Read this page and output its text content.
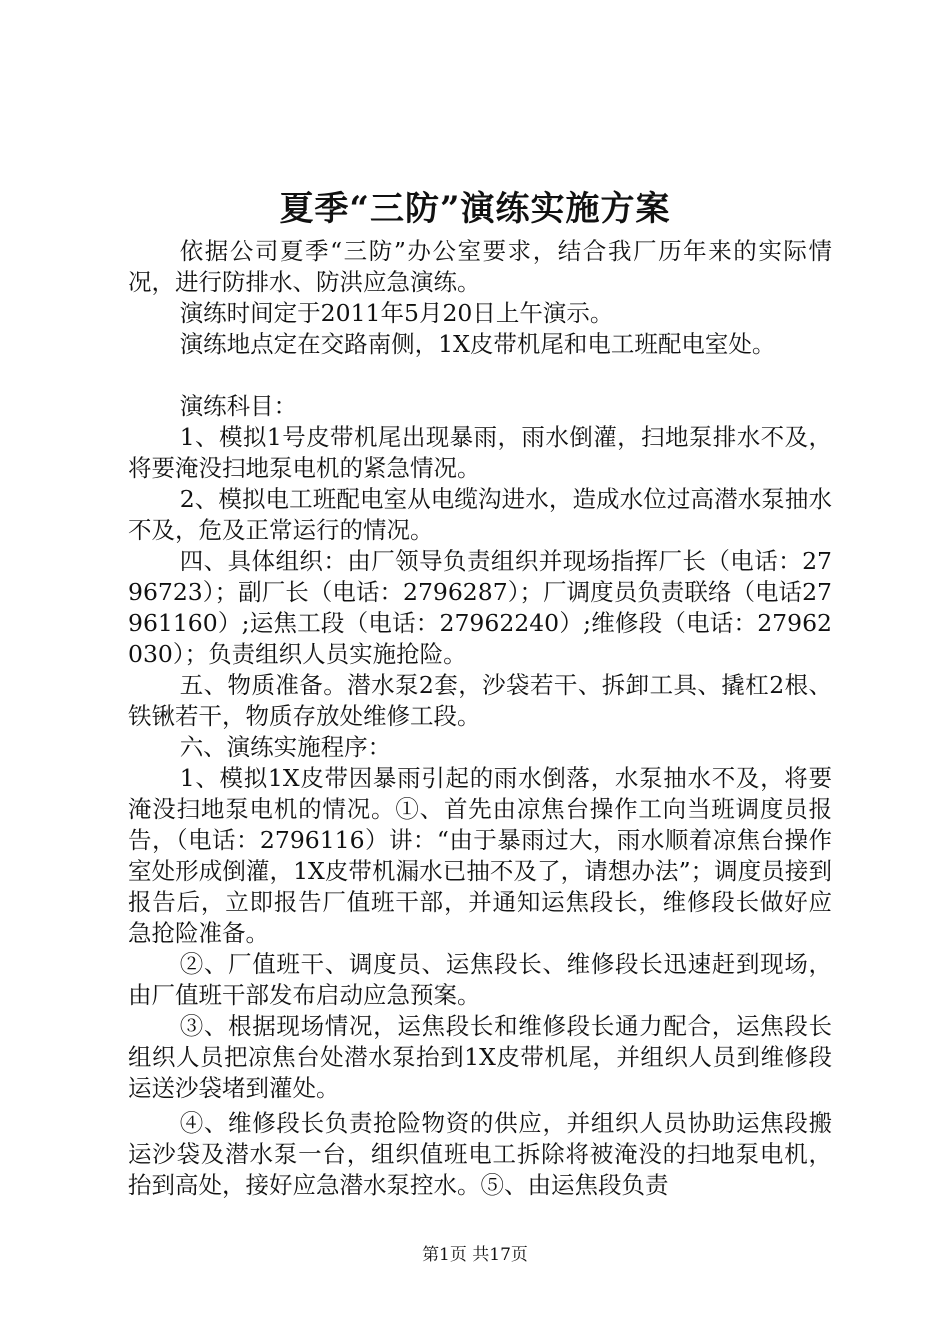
夏季“三防”演练实施方案

依据公司夏季“三防”办公室要求，结合我厂历年来的实际情况，进行防排水、防洪应急演练。

演练时间定于2011年5月20日上午演示。

演练地点定在交路南侧，1X皮带机尾和电工班配电室处。

演练科目：

1、模拟1号皮带机尾出现暴雨，雨水倒灌，扫地泵排水不及，将要淹没扫地泵电机的紧急情况。

2、模拟电工班配电室从电缆沟进水，造成水位过高潜水泵抽水不及，危及正常运行的情况。

四、具体组织：由厂领导负责组织并现场指挥厂长（电话：2796723）；副厂长（电话：2796287）；厂调度员负责联络（电话27961160）;运焦工段（电话：27962240）;维修段（电话：27962030）；负责组织人员实施抢险。

五、物质准备。潜水泵2套，沙袋若干、拆卸工具、撬杠2根、铁锹若干，物质存放处维修工段。

六、演练实施程序：

1、模拟1X皮带因暴雨引起的雨水倒落，水泵抽水不及，将要淹没扫地泵电机的情况。①、首先由凉焦台操作工向当班调度员报告，（电话：2796116）讲：“由于暴雨过大，雨水顺着凉焦台操作室处形成倒灌，1X皮带机漏水已抽不及了，请想办法”；调度员接到报告后，立即报告厂值班干部，并通知运焦段长，维修段长做好应急抢险准备。

②、厂值班干、调度员、运焦段长、维修段长迅速赶到现场，由厂值班干部发布启动应急预案。

③、根据现场情况，运焦段长和维修段长通力配合，运焦段长组织人员把凉焦台处潜水泵抬到1X皮带机尾，并组织人员到维修段运送沙袋堵到灌处。

④、维修段长负责抢险物资的供应，并组织人员协助运焦段搬运沙袋及潜水泵一台，组织值班电工拆除将被淹没的扫地泵电机，抬到高处，接好应急潜水泵控水。⑤、由运焦段负责

第1页 共17页
